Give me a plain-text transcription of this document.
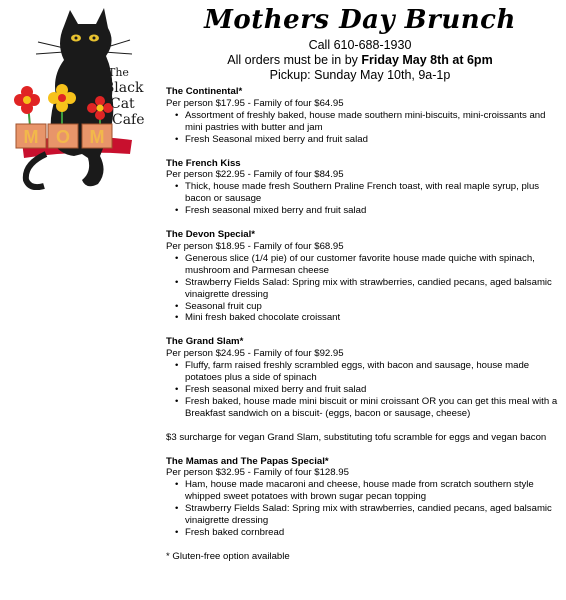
M O M
The
Black
Cat
Cafe
Mothers Day Brunch
Call 610-688-1930
All orders must be in by Friday May 8th at 6pm
Pickup: Sunday May 10th, 9a-1p
The Continental*
Per person $17.95 - Family of four $64.95
• Assortment of freshly baked, house made southern mini-biscuits, mini-croissants and mini pastries with butter and jam
• Fresh Seasonal mixed berry and fruit salad
The French Kiss
Per person $22.95 - Family of four $84.95
• Thick, house made fresh Southern Praline French toast, with real maple syrup, plus bacon or sausage
• Fresh seasonal mixed berry and fruit salad
The Devon Special*
Per person $18.95 - Family of four $68.95
• Generous slice (1/4 pie) of our customer favorite house made quiche with spinach, mushroom and Parmesan cheese
• Strawberry Fields Salad: Spring mix with strawberries, candied pecans, aged balsamic vinaigrette dressing
• Seasonal fruit cup
• Mini fresh baked chocolate croissant
The Grand Slam*
Per person $24.95 - Family of four $92.95
• Fluffy, farm raised freshly scrambled eggs, with bacon and sausage, house made potatoes plus a side of spinach
• Fresh seasonal mixed berry and fruit salad
• Fresh baked, house made mini biscuit or mini croissant OR you can get this meal with a Breakfast sandwich on a biscuit- (eggs, bacon or sausage, cheese)
$3 surcharge for vegan Grand Slam, substituting tofu scramble for eggs and vegan bacon
The Mamas and The Papas Special*
Per person $32.95 - Family of four $128.95
• Ham, house made macaroni and cheese, house made from scratch southern style whipped sweet potatoes with brown sugar pecan topping
• Strawberry Fields Salad: Spring mix with strawberries, candied pecans, aged balsamic vinaigrette dressing
• Fresh baked cornbread
* Gluten-free option available
